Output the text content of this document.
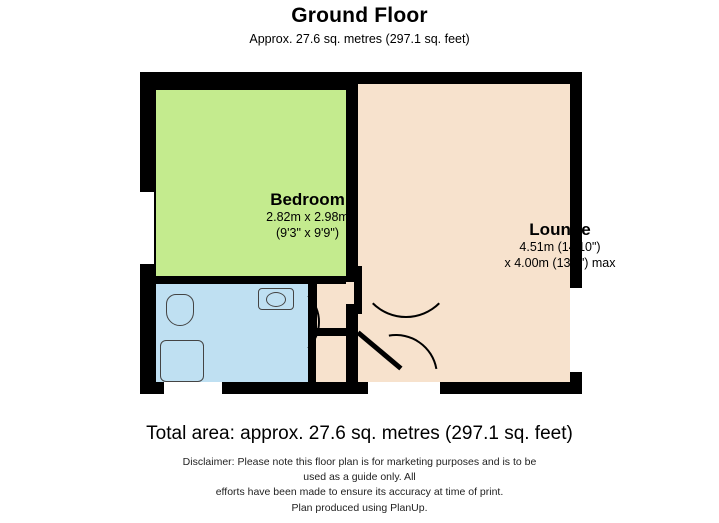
Ground Floor
Approx. 27.6 sq. metres (297.1 sq. feet)
Bedroom
2.82m x 2.98m
(9'3" x 9'9")	Lounge
4.51m (14'10")
x 4.00m (13'2") max
Total area: approx. 27.6 sq. metres (297.1 sq. feet)
Disclaimer: Please note this floor plan is for marketing purposes and is to be
used as a guide only. All
efforts have been made to ensure its accuracy at time of print.
Plan produced using PlanUp.
